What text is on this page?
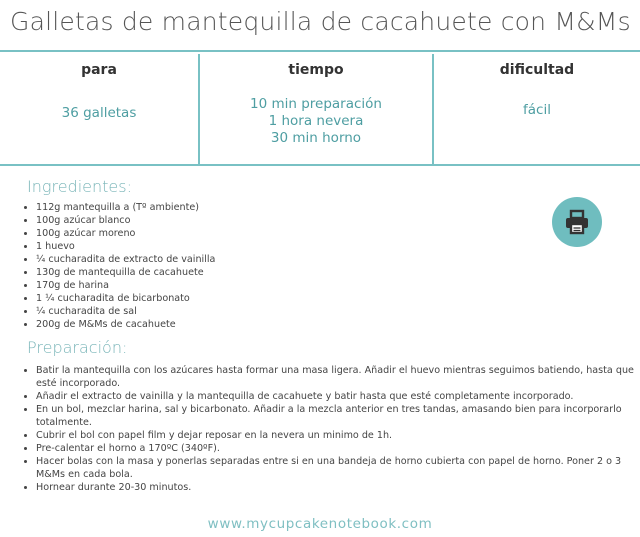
Galletas de mantequilla de cacahuete con M&Ms
para
36 galletas
tiempo
10 min preparación
1 hora nevera
30 min horno
dificultad
fácil
Ingredientes:
• 112g mantequilla a (Tº ambiente)
• 100g azúcar blanco
• 100g azúcar moreno
• 1 huevo
• ¼ cucharadita de extracto de vainilla
• 130g de mantequilla de cacahuete
• 170g de harina
• 1 ¼ cucharadita de bicarbonato
• ¼ cucharadita de sal
• 200g de M&Ms de cacahuete
Preparación:
• Batir la mantequilla con los azúcares hasta formar una masa ligera. Añadir el huevo mientras seguimos batiendo, hasta que esté incorporado.
• Añadir el extracto de vainilla y la mantequilla de cacahuete y batir hasta que esté completamente incorporado.
• En un bol, mezclar harina, sal y bicarbonato. Añadir a la mezcla anterior en tres tandas, amasando bien para incorporarlo totalmente.
• Cubrir el bol con papel film y dejar reposar en la nevera un minimo de 1h.
• Pre-calentar el horno a 170ºC (340ºF).
• Hacer bolas con la masa y ponerlas separadas entre si en una bandeja de horno cubierta con papel de horno. Poner 2 o 3 M&Ms en cada bola.
• Hornear durante 20-30 minutos.
www.mycupcakenotebook.com
